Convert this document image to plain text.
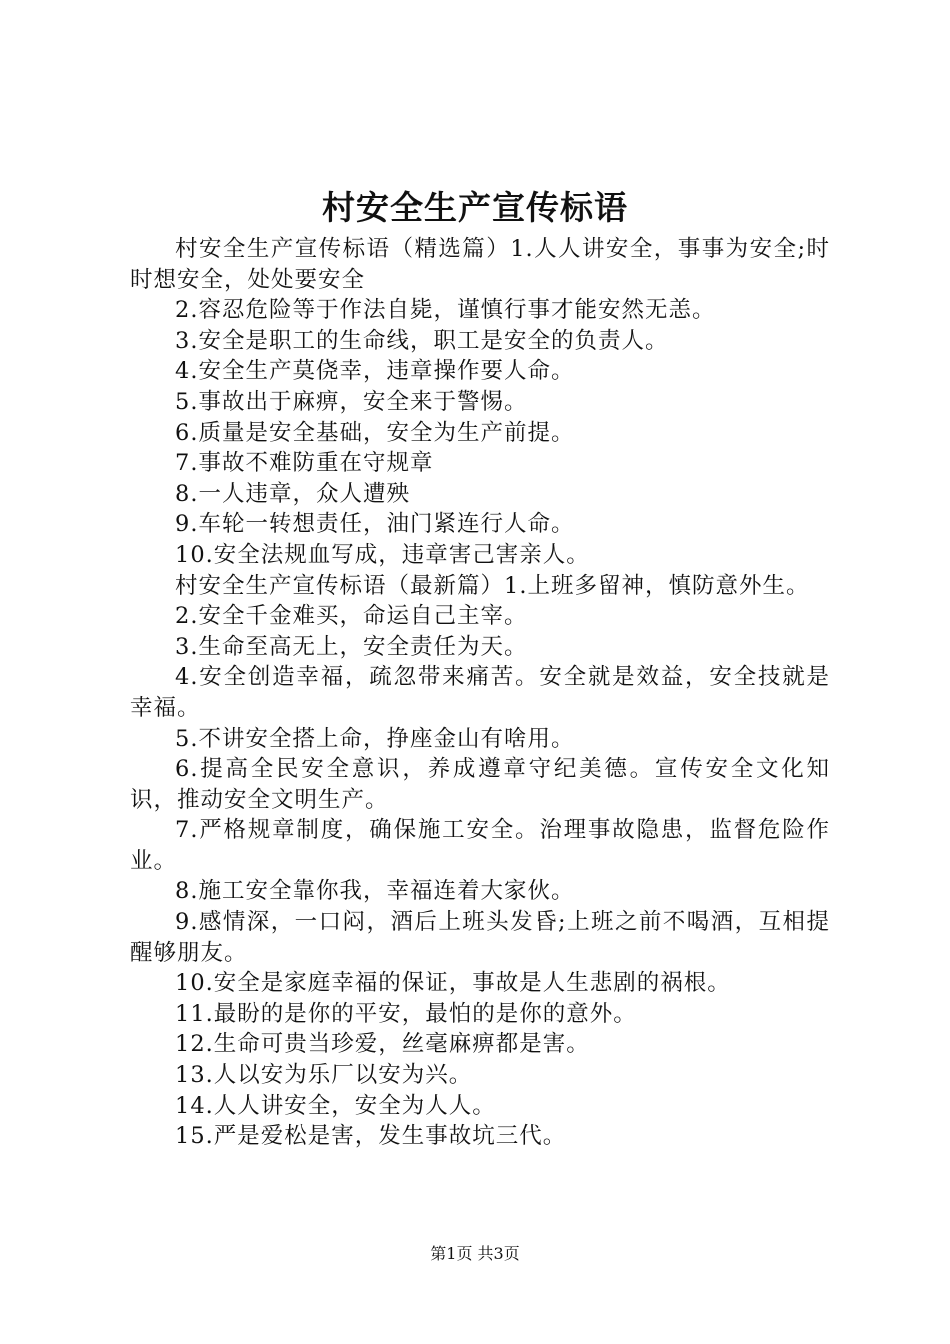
村安全生产宣传标语

村安全生产宣传标语（精选篇）1.人人讲安全，事事为安全;时时想安全，处处要安全

2.容忍危险等于作法自毙，谨慎行事才能安然无恙。

3.安全是职工的生命线，职工是安全的负责人。

4.安全生产莫侥幸，违章操作要人命。

5.事故出于麻痹，安全来于警惕。

6.质量是安全基础，安全为生产前提。

7.事故不难防重在守规章

8.一人违章，众人遭殃

9.车轮一转想责任，油门紧连行人命。

10.安全法规血写成，违章害己害亲人。

村安全生产宣传标语（最新篇）1.上班多留神，慎防意外生。

2.安全千金难买，命运自己主宰。

3.生命至高无上，安全责任为天。

4.安全创造幸福，疏忽带来痛苦。安全就是效益，安全技就是幸福。

5.不讲安全搭上命，挣座金山有啥用。

6.提高全民安全意识，养成遵章守纪美德。宣传安全文化知识，推动安全文明生产。

7.严格规章制度，确保施工安全。治理事故隐患，监督危险作业。

8.施工安全靠你我，幸福连着大家伙。

9.感情深，一口闷，酒后上班头发昏;上班之前不喝酒，互相提醒够朋友。

10.安全是家庭幸福的保证，事故是人生悲剧的祸根。

11.最盼的是你的平安，最怕的是你的意外。

12.生命可贵当珍爱，丝毫麻痹都是害。

13.人以安为乐厂以安为兴。

14.人人讲安全，安全为人人。

15.严是爱松是害，发生事故坑三代。

第1页 共3页
